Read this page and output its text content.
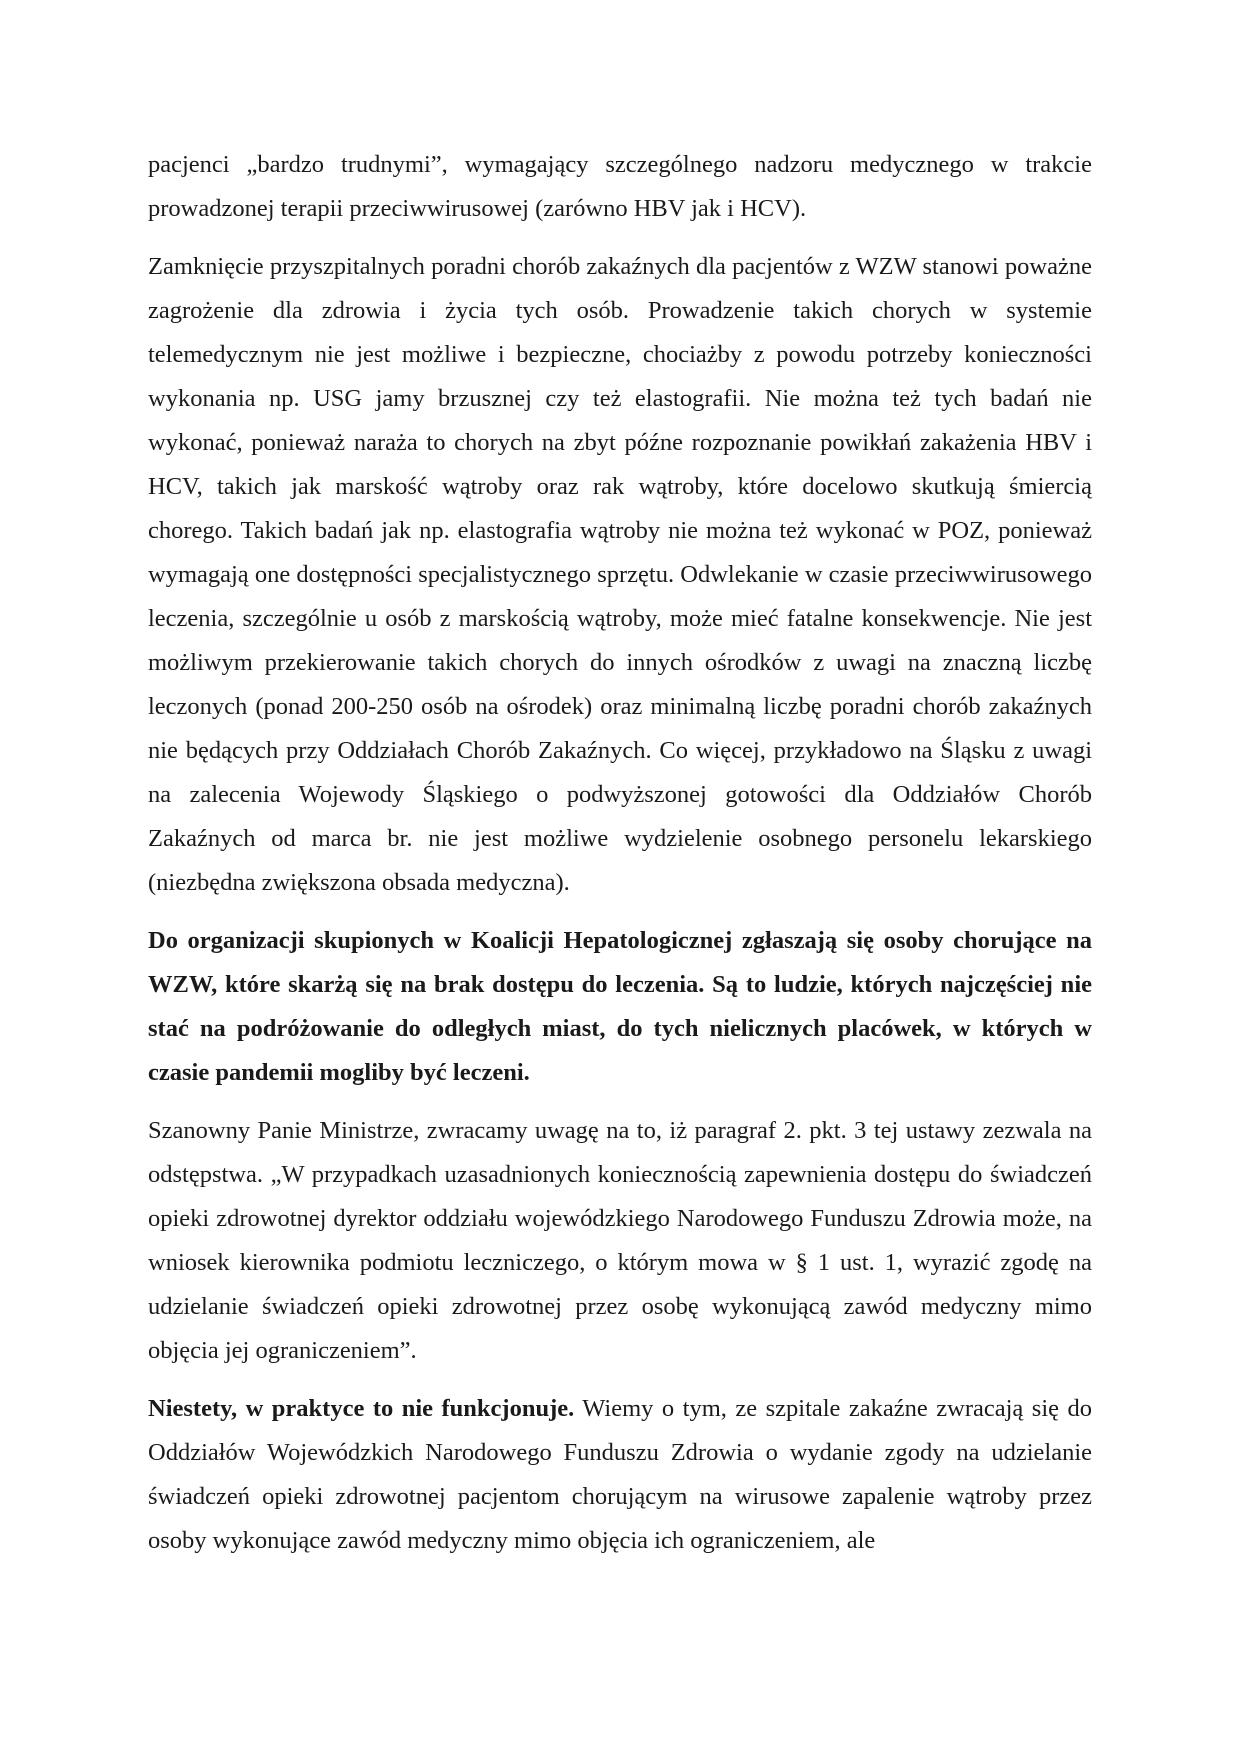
pacjenci „bardzo trudnymi”, wymagający szczególnego nadzoru medycznego w trakcie prowadzonej terapii przeciwwirusowej (zarówno HBV jak i HCV).

Zamknięcie przyszpitalnych poradni chorób zakaźnych dla pacjentów z WZW stanowi poważne zagrożenie dla zdrowia i życia tych osób. Prowadzenie takich chorych w systemie telemedycznym nie jest możliwe i bezpieczne, chociażby z powodu potrzeby konieczności wykonania np. USG jamy brzusznej czy też elastografii. Nie można też tych badań nie wykonać, ponieważ naraża to chorych na zbyt późne rozpoznanie powikłań zakażenia HBV i HCV, takich jak marskość wątroby oraz rak wątroby, które docelowo skutkują śmiercią chorego. Takich badań jak np. elastografia wątroby nie można też wykonać w POZ, ponieważ wymagają one dostępności specjalistycznego sprzętu. Odwlekanie w czasie przeciwwirusowego leczenia, szczególnie u osób z marskością wątroby, może mieć fatalne konsekwencje. Nie jest możliwym przekierowanie takich chorych do innych ośrodków z uwagi na znaczną liczbę leczonych (ponad 200-250 osób na ośrodek) oraz minimalną liczbę poradni chorób zakaźnych nie będących przy Oddziałach Chorób Zakaźnych. Co więcej, przykładowo na Śląsku z uwagi na zalecenia Wojewody Śląskiego o podwyższonej gotowości dla Oddziałów Chorób Zakaźnych od marca br. nie jest możliwe wydzielenie osobnego personelu lekarskiego (niezbędna zwiększona obsada medyczna).

Do organizacji skupionych w Koalicji Hepatologicznej zgłaszają się osoby chorujące na WZW, które skarżą się na brak dostępu do leczenia. Są to ludzie, których najczęściej nie stać na podróżowanie do odległych miast, do tych nielicznych placówek, w których w czasie pandemii mogliby być leczeni.

Szanowny Panie Ministrze, zwracamy uwagę na to, iż paragraf 2. pkt. 3 tej ustawy zezwala na odstępstwa. „W przypadkach uzasadnionych koniecznością zapewnienia dostępu do świadczeń opieki zdrowotnej dyrektor oddziału wojewódzkiego Narodowego Funduszu Zdrowia może, na wniosek kierownika podmiotu leczniczego, o którym mowa w § 1 ust. 1, wyrazić zgodę na udzielanie świadczeń opieki zdrowotnej przez osobę wykonującą zawód medyczny mimo objęcia jej ograniczeniem”.

Niestety, w praktyce to nie funkcjonuje. Wiemy o tym, ze szpitale zakaźne zwracają się do Oddziałów Wojewódzkich Narodowego Funduszu Zdrowia o wydanie zgody na udzielanie świadczeń opieki zdrowotnej pacjentom chorującym na wirusowe zapalenie wątroby przez osoby wykonujące zawód medyczny mimo objęcia ich ograniczeniem, ale
